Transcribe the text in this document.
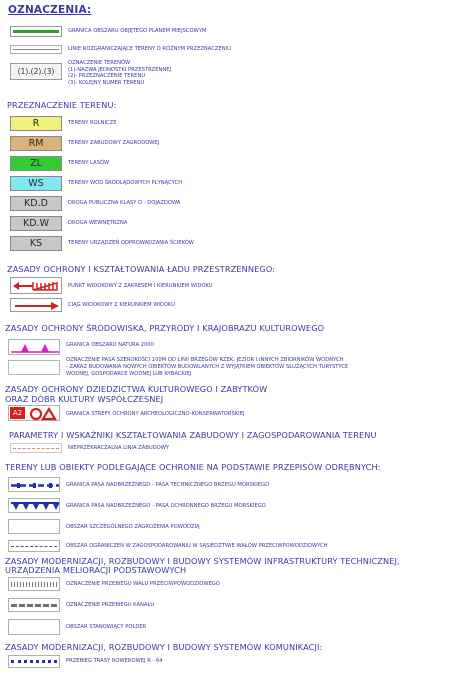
OZNACZENIA:
GRANICA OBSZARU OBJĘTEGO PLANEM MIEJSCOWYM
LINIE ROZGRANICZAJĄCE TERENY O RÓŻNYM PRZEZNACZENIU
(1).(2).(3)
OZNACZENIE TERENÓW
(1)-NAZWA JEDNOSTKI PRZESTRZENNEJ
(2)- PRZEZNACZENIE TERENU
(3)- KOLEJNY NUMER TERENU
PRZEZNACZENIE TERENU:
R	TERENY ROLNICZE
RM	TERENY ZABUDOWY ZAGRODOWEJ
ZL	TERENY LASÓW
WS	TERENY WÓD ŚRÓDLĄDOWYCH PŁYNĄCYCH
KD.D	DROGA PUBLICZNA KLASY D - DOJAZDOWA
KD.W	DROGA WEWNĘTRZNA
KS	TERENY URZĄDZEŃ ODPROWADZANIA ŚCIEKÓW
ZASADY OCHRONY I KSZTAŁTOWANIA ŁADU PRZESTRZENNEGO:
PUNKT WIDOKOWY Z ZAKRESEM I KIERUNKIEM WIDOKU
CIĄG WIDOKOWY Z KIERUNKIEM WIDOKU
ZASADY OCHRONY ŚRODOWISKA, PRZYRODY I KRAJOBRAZU KULTUROWEGO
GRANICA OBSZARU NATURA 2000
OZNACZENIE PASA SZEROKOŚCI 100M OD LINII BRZEGÓW RZEK, JEZIOR I INNYCH ZBIORNIKÓW WODNYCH
- ZAKAZ BUDOWANIA NOWYCH OBIEKTÓW BUDOWLANYCH Z WYJĄTKIEM OBIEKTÓW SŁUŻĄCYCH TURYSTYCE
WODNEJ, GOSPODARCE WODNEJ LUB RYBACKIEJ
ZASADY OCHRONY DZIEDZICTWA KULTUROWEGO I ZABYTKÓW
ORAZ DÓBR KULTURY WSPÓŁCZESNEJ
A2	GRANICA STREFY OCHRONY ARCHEOLOGICZNO-KONSERWATORSKIEJ
PARAMETRY I WSKAŹNIKI KSZTAŁTOWANIA ZABUDOWY I ZAGOSPODAROWANIA TERENU
NIEPRZEKRACZALNA LINIA ZABUDOWY
TERENY LUB OBIEKTY PODLEGAJĄCE OCHRONIE NA PODSTAWIE PRZEPISÓW ODRĘBNYCH:
GRANICA PASA NADBRZEŻNEGO - PASA TECHNICZNEGO BRZEGU MORSKIEGO
GRANICA PASA NADBRZEŻNEGO - PASA OCHRONNEGO BRZEGU MORSKIEGO
OBSZAR SZCZEGÓLNEGO ZAGROŻENIA POWODZIĄ
OBSZAR OGRANICZEŃ W ZAGOSPODAROWANIU W SĄSIEDZTWIE WAŁÓW PRZECIWPOWODZIOWYCH
ZASADY MODERNIZACJI, ROZBUDOWY I BUDOWY SYSTEMÓW INFRASTRUKTURY TECHNICZNEJ,
URZĄDZENIA MELIORACJI PODSTAWOWYCH
OZNACZENIE PRZEBIEGU WAŁU PRZECIWPOWODZIOWEGO
OZNACZENIE PRZEBIEGU KANAŁU
OBSZAR STANOWIĄCY POLDER
ZASADY MODERNIZACJI, ROZBUDOWY I BUDOWY SYSTEMÓW KOMUNIKACJI:
PRZEBIEG TRASY ROWEROWEJ R - 64
